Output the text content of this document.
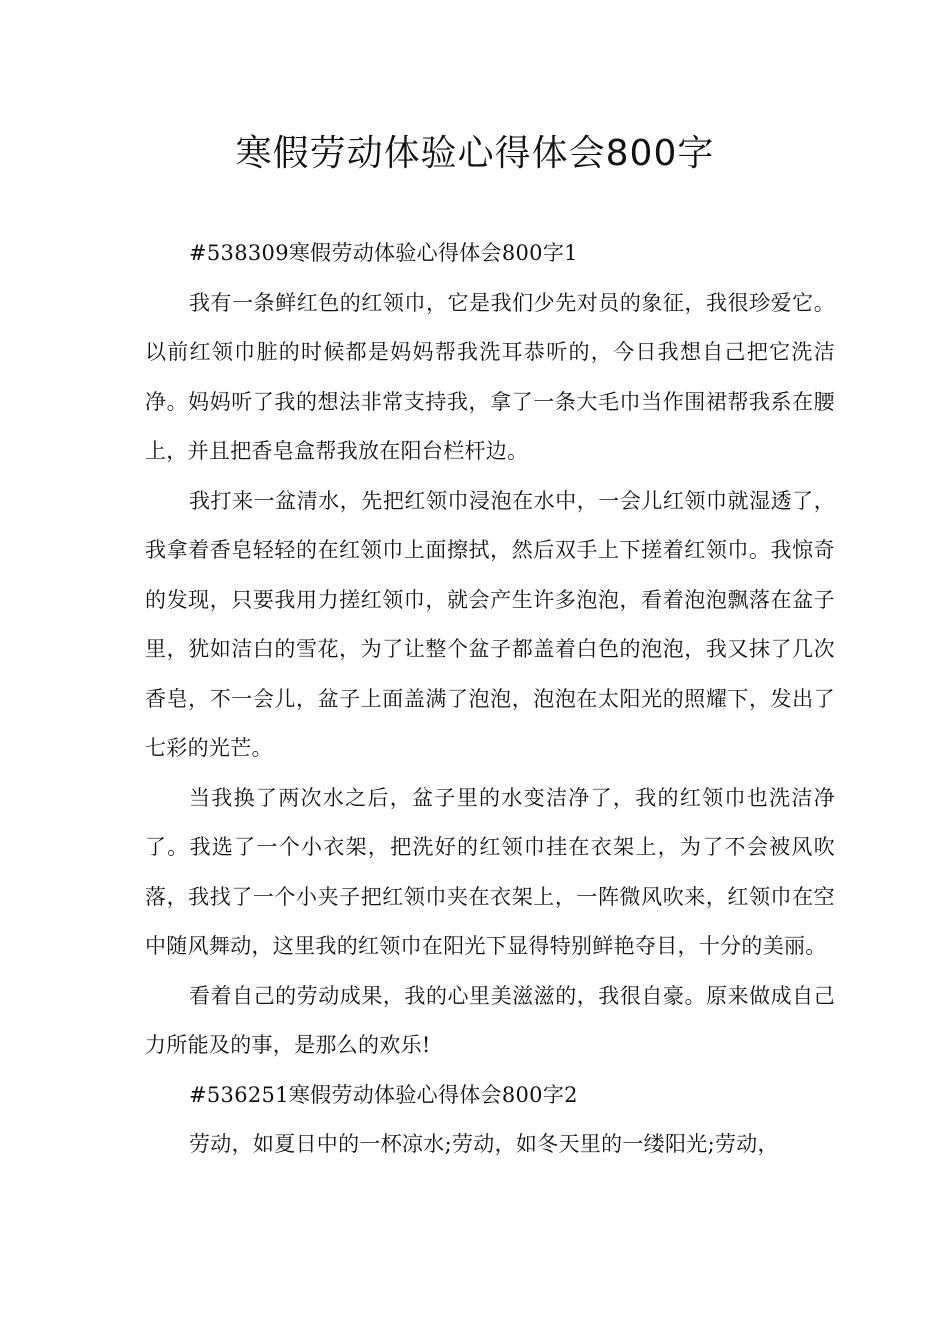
寒假劳动体验心得体会800字

#538309寒假劳动体验心得体会800字1

我有一条鲜红色的红领巾，它是我们少先对员的象征，我很珍爱它。以前红领巾脏的时候都是妈妈帮我洗耳恭听的，今日我想自己把它洗洁净。妈妈听了我的想法非常支持我，拿了一条大毛巾当作围裙帮我系在腰上，并且把香皂盒帮我放在阳台栏杆边。

我打来一盆清水，先把红领巾浸泡在水中，一会儿红领巾就湿透了，我拿着香皂轻轻的在红领巾上面擦拭，然后双手上下搓着红领巾。我惊奇的发现，只要我用力搓红领巾，就会产生许多泡泡，看着泡泡飘落在盆子里，犹如洁白的雪花，为了让整个盆子都盖着白色的泡泡，我又抹了几次香皂，不一会儿，盆子上面盖满了泡泡，泡泡在太阳光的照耀下，发出了七彩的光芒。

当我换了两次水之后，盆子里的水变洁净了，我的红领巾也洗洁净了。我选了一个小衣架，把洗好的红领巾挂在衣架上，为了不会被风吹落，我找了一个小夹子把红领巾夹在衣架上，一阵微风吹来，红领巾在空中随风舞动，这里我的红领巾在阳光下显得特别鲜艳夺目，十分的美丽。

看着自己的劳动成果，我的心里美滋滋的，我很自豪。原来做成自己力所能及的事，是那么的欢乐!

#536251寒假劳动体验心得体会800字2

劳动，如夏日中的一杯凉水;劳动，如冬天里的一缕阳光;劳动，
